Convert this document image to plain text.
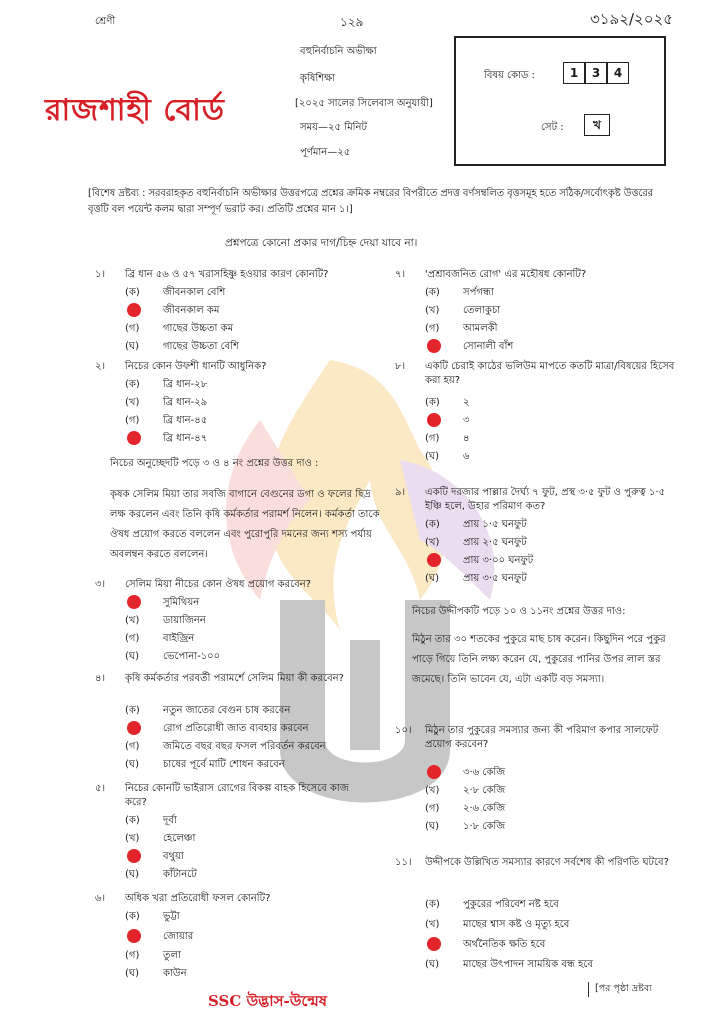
শ্রেণী	১২৯	৩১৯২/২০২৫
রাজশাহী বোর্ড
বহুনির্বাচনি অভীক্ষা
কৃষিশিক্ষা
[২০২৫ সালের সিলেবাস অনুযায়ী]
সময়—২৫ মিনিট
পূর্ণমান—২৫
বিষয় কোড :	1 3 4
সেট :	খ
[বিশেষ দ্রষ্টব্য : সরবরাহকৃত বহুনির্বাচনি অভীক্ষার উত্তরপত্রে প্রশ্নের ক্রমিক নম্বরের বিপরীতে প্রদত্ত বর্ণসম্বলিত বৃত্তসমূহ হতে সঠিক/সর্বোৎকৃষ্ট উত্তরের বৃত্তটি বল পয়েন্ট কলম দ্বারা সম্পূর্ণ ভরাট কর। প্রতিটি প্রশ্নের মান ১।]
প্রশ্নপত্রে কোনো প্রকার দাগ/চিহ্ন দেয়া যাবে না।
১। ব্রি ধান ৫৬ ও ৫৭ খরাসহিষ্ণু হওয়ার কারণ কোনটি?
(ক) জীবনকাল বেশি
জীবনকাল কম
(গ) গাছের উচ্চতা কম
(ঘ) গাছের উচ্চতা বেশি
২। নিচের কোন উফশী ধানটি আধুনিক?
(ক) ব্রি ধান-২৮
(খ) ব্রি ধান-২৯
(গ) ব্রি ধান-৪৫
ব্রি ধান-৪৭
নিচের অনুচ্ছেদটি পড়ে ৩ ও ৪ নং প্রশ্নের উত্তর দাও :
কৃষক সেলিম মিয়া তার সবজি বাগানে বেগুনের ডগা ও ফলের ছিদ্র লক্ষ করলেন এবং তিনি কৃষি কর্মকর্তার পরামর্শ নিলেন। কর্মকর্তা তাকে ঔষধ প্রয়োগ করতে বললেন এবং পুরোপুরি দমনের জন্য শস্য পর্যায় অবলম্বন করতে বললেন।
৩। সেলিম মিয়া নীচের কোন ঔষধ প্রয়োগ করবেন?
সুমিথিয়ন
(খ) ডায়াজিনন
(গ) বাইজ্রিন
(ঘ) ভেপোনা-১০০
৪। কৃষি কর্মকর্তার পরবর্তী পরামর্শে সেলিম মিয়া কী করবেন?
(ক) নতুন জাতের বেগুন চাষ করবেন
রোগ প্রতিরোধী জাত ব্যবহার করবেন
(গ) জমিতে বছর বছর ফসল পরিবর্তন করবেন
(ঘ) চাষের পূর্বে মাটি শোধন করবেন
৫। নিচের কোনটি ভাইরাস রোগের বিকল্প বাহক হিসেবে কাজ করে?
(ক) দূর্বা
(খ) হেলেঞ্চা
বথুয়া
(ঘ) কাঁটানটে
৬। অধিক খরা প্রতিরোধী ফসল কোনটি?
(ক) ভুট্টা
জোয়ার
(গ) তুলা
(ঘ) কাউন
৭। 'প্রশ্রাবজনিত রোগ' এর মহৌষধ কোনটি?
(ক) সর্পগন্ধা
(খ) তেলাকুচা
(গ) আমলকী
সোনালী বাঁশ
৮। একটি চেরাই কাঠের ভলিউম মাপতে কতটি মাত্রা/বিষয়ের হিসেব করা হয়?
(ক) ২
৩
(গ) ৪
(ঘ) ৬
৯। একটি দরজার পাল্লার দৈর্ঘ্য ৭ ফুট, প্রস্থ ৩·৫ ফুট ও পুরুত্ব ১·৫ ইঞ্চি হলে, উহার পরিমাণ কত?
(ক) প্রায় ১·৫ ঘনফুট
(খ) প্রায় ২·৫ ঘনফুট
প্রায় ৩·০০ ঘনফুট
(ঘ) প্রায় ৩·৫ ঘনফুট
নিচের উদ্দীপকটি পড়ে ১০ ও ১১নং প্রশ্নের উত্তর দাও:
মিঠুন তার ৩০ শতকের পুকুরে মাছ চাষ করেন। কিছুদিন পরে পুকুর পাড়ে গিয়ে তিনি লক্ষ্য করেন যে, পুকুরের পানির উপর লাল স্তর জমেছে। তিনি ভাবেন যে, এটা একটি বড় সমস্যা।
১০। মিঠুন তার পুকুরের সমস্যার জন্য কী পরিমাণ কপার সালফেট প্রয়োগ করবেন?
৩·৬ কেজি
(খ) ২·৮ কেজি
(গ) ২·৬ কেজি
(ঘ) ১·৮ কেজি
১১। উদ্দীপকে উল্লিখিত সমস্যার কারণে সর্বশেষ কী পরিণতি ঘটবে?
(ক) পুকুরের পরিবেশ নষ্ট হবে
(খ) মাছের শ্বাস কষ্ট ও মৃত্যু হবে
অর্থনৈতিক ক্ষতি হবে
(ঘ) মাছের উৎপাদন সাময়িক বন্ধ হবে
SSC উদ্ভাস-উন্মেষ
[পর পৃষ্ঠা দ্রষ্টব্য
